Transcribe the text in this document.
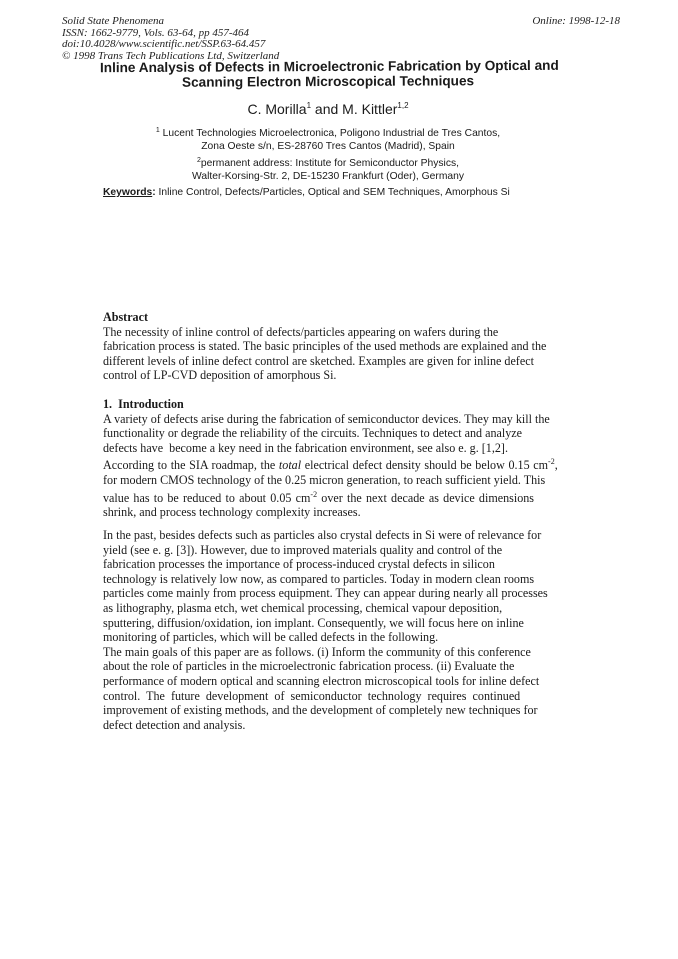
Solid State Phenomena
ISSN: 1662-9779, Vols. 63-64, pp 457-464
doi:10.4028/www.scientific.net/SSP.63-64.457
© 1998 Trans Tech Publications Ltd, Switzerland
Online: 1998-12-18
Inline Analysis of Defects in Microelectronic Fabrication by Optical and
Scanning Electron Microscopical Techniques
C. Morilla$^1$ and M. Kittler$^{1,2}$
$^1$ Lucent Technologies Microelectronica, Poligono Industrial de Tres Cantos,
Zona Oeste s/n, ES-28760 Tres Cantos (Madrid), Spain
$^2$permanent address: Institute for Semiconductor Physics,
Walter-Korsing-Str. 2, DE-15230 Frankfurt (Oder), Germany
Keywords: Inline Control, Defects/Particles, Optical and SEM Techniques, Amorphous Si
Abstract
The necessity of inline control of defects/particles appearing on wafers during the
fabrication process is stated. The basic principles of the used methods are explained and the
different levels of inline defect control are sketched. Examples are given for inline defect
control of LP-CVD deposition of amorphous Si.
1.  Introduction
A variety of defects arise during the fabrication of semiconductor devices. They may kill the
functionality or degrade the reliability of the circuits. Techniques to detect and analyze
defects have  become a key need in the fabrication environment, see also e. g. [1,2].
According to the SIA roadmap, the total electrical defect density should be below 0.15 $cm^{-2}$,
for modern CMOS technology of the 0.25 micron generation, to reach sufficient yield. This
value has to be reduced to about 0.05 $cm^{-2}$ over the next decade as device dimensions
shrink, and process technology complexity increases.
In the past, besides defects such as particles also crystal defects in Si were of relevance for
yield (see e. g. [3]). However, due to improved materials quality and control of the
fabrication processes the importance of process-induced crystal defects in silicon
technology is relatively low now, as compared to particles. Today in modern clean rooms
particles come mainly from process equipment. They can appear during nearly all processes
as lithography, plasma etch, wet chemical processing, chemical vapour deposition,
sputtering, diffusion/oxidation, ion implant. Consequently, we will focus here on inline
monitoring of particles, which will be called defects in the following.
The main goals of this paper are as follows. (i) Inform the community of this conference
about the role of particles in the microelectronic fabrication process. (ii) Evaluate the
performance of modern optical and scanning electron microscopical tools for inline defect
control.  The  future  development  of  semiconductor  technology  requires  continued
improvement of existing methods, and the development of completely new techniques for
defect detection and analysis.
